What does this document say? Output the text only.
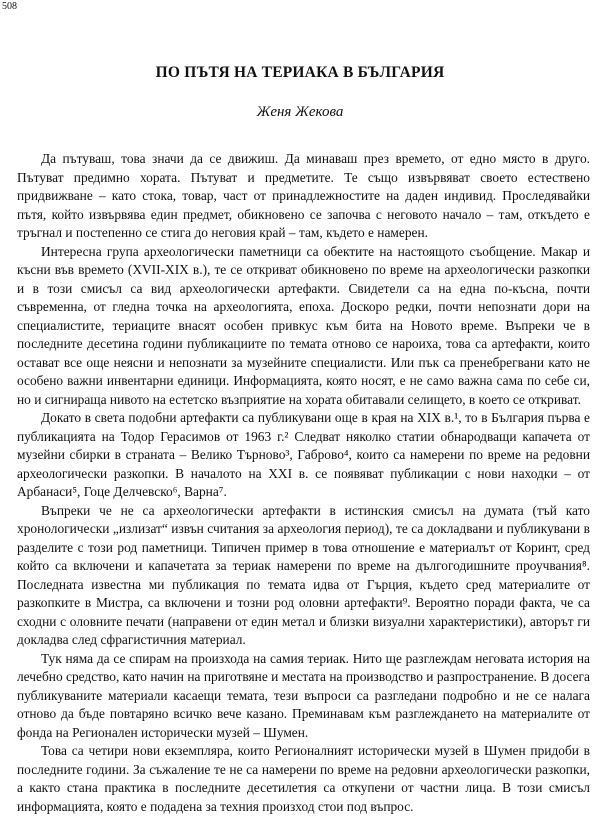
508
ПО ПЪТЯ НА ТЕРИАКА В БЪЛГАРИЯ
Женя Жекова

Да пътуваш, това значи да се движиш. Да минаваш през времето, от едно място в друго. Пътуват предимно хората. Пътуват и предметите. Те също извървяват своето естествено придвижване – като стока, товар, част от принадлежностите на даден индивид. Проследявайки пътя, който извървява един предмет, обикновено се започва с неговото начало – там, откъдето е тръгнал и постепенно се стига до неговия край – там, където е намерен.

Интересна група археологически паметници са обектите на настоящото съобщение. Макар и късни във времето (XVII-XIX в.), те се откриват обикновено по време на археологически разкопки и в този смисъл са вид археологически артефакти. Свидетели са на една по-късна, почти съвременна, от гледна точка на археологията, епоха. Доскоро редки, почти непознати дори на специалистите, териаците внасят особен привкус към бита на Новото време. Въпреки че в последните десетина години публикациите по темата отново се нароиха, това са артефакти, които остават все още неясни и непознати за музейните специалисти. Или пък са пренебрегвани като не особено важни инвентарни единици. Информацията, която носят, е не само важна сама по себе си, но и сигнираща нивото на естетско възприятие на хората обитавали селището, в което се откриват.

Докато в света подобни артефакти са публикувани още в края на XIX в.¹, то в България първа е публикацията на Тодор Герасимов от 1963 г.² Следват няколко статии обнародващи капачета от музейни сбирки в страната – Велико Търново³, Габрово⁴, които са намерени по време на редовни археологически разкопки. В началото на XXI в. се появяват публикации с нови находки – от Арбанаси⁵, Гоце Делчевско⁶, Варна⁷.

Въпреки че не са археологически артефакти в истинския смисъл на думата (тъй като хронологически „излизат“ извън считания за археология период), те са докладвани и публикувани в разделите с този род паметници. Типичен пример в това отношение е материалът от Коринт, сред който са включени и капачетата за териак намерени по време на дългогодишните проучвания⁸. Последната известна ми публикация по темата идва от Гърция, където сред материалите от разкопките в Мистра, са включени и тозни род оловни артефакти⁹. Вероятно поради факта, че са сходни с оловните печати (направени от един метал и близки визуални характеристики), авторът ги докладва след сфрагистичния материал.

Тук няма да се спирам на произхода на самия териак. Нито ще разглеждам неговата история на лечебно средство, като начин на приготвяне и местата на производство и разпространение. В досега публикуваните материали касаещи темата, тези въпроси са разгледани подробно и не се налага отново да бъде повтаряно всичко вече казано. Преминавам към разглеждането на материалите от фонда на Регионален исторически музей – Шумен.

Това са четири нови екземпляра, които Регионалният исторически музей в Шумен придоби в последните години. За съжаление те не са намерени по време на редовни археологически разкопки, а както стана практика в последните десетилетия са откупени от частни лица. В този смисъл информацията, която е подадена за техния произход стои под въпрос.
